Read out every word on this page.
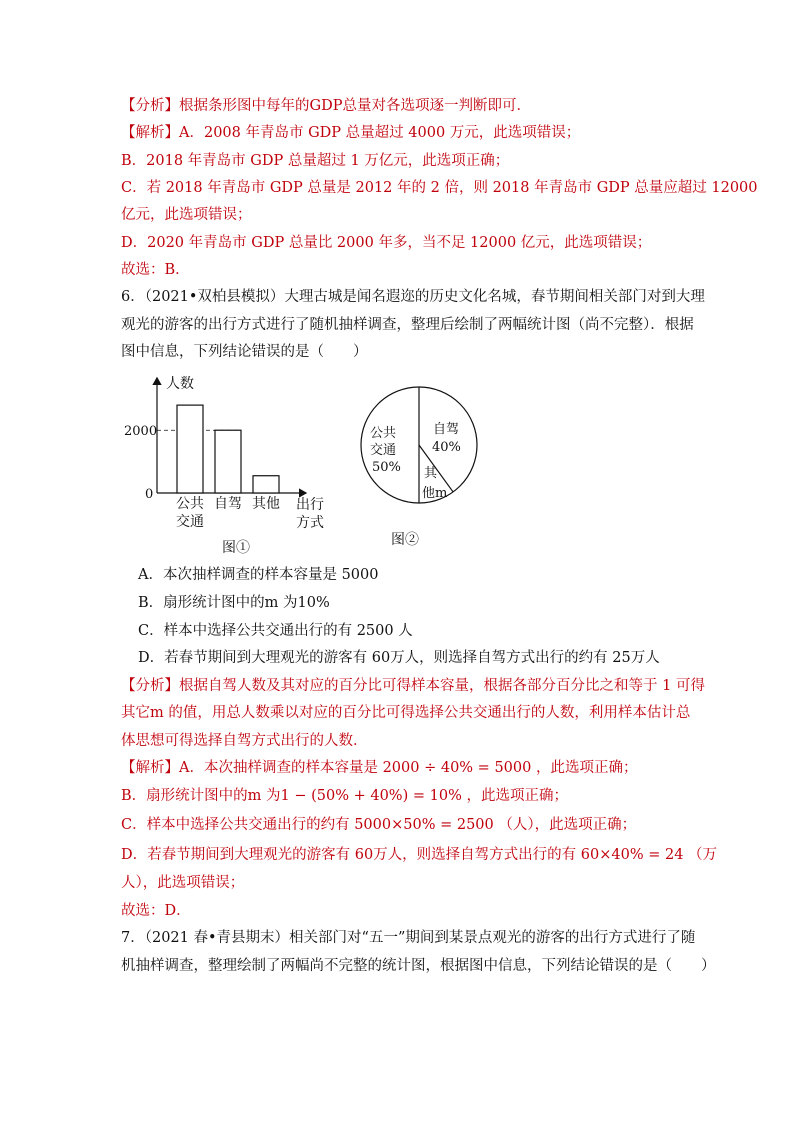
【分析】根据条形图中每年的GDP总量对各选项逐一判断即可．
【解析】A．2008 年青岛市 GDP 总量超过 4000 万元，此选项错误；
B．2018 年青岛市 GDP 总量超过 1 万亿元，此选项正确；
C．若 2018 年青岛市 GDP 总量是 2012 年的 2 倍，则 2018 年青岛市 GDP 总量应超过 12000
亿元，此选项错误；
D．2020 年青岛市 GDP 总量比 2000 年多，当不足 12000 亿元，此选项错误；
故选：B．
6．（2021•双柏县模拟）大理古城是闻名遐迩的历史文化名城，春节期间相关部门对到大理
观光的游客的出行方式进行了随机抽样调查，整理后绘制了两幅统计图（尚不完整）．根据
图中信息，下列结论错误的是（　　）
人数
出行
方式
0
2000
公共
交通
自驾 其他
图①
公共
交通
50%
自驾
40%
其
他m
图②
A．本次抽样调查的样本容量是 5000
B．扇形统计图中的m 为10%
C．样本中选择公共交通出行的有 2500 人
D．若春节期间到大理观光的游客有 60万人，则选择自驾方式出行的约有 25万人
【分析】根据自驾人数及其对应的百分比可得样本容量，根据各部分百分比之和等于 1 可得
其它m 的值，用总人数乘以对应的百分比可得选择公共交通出行的人数，利用样本估计总
体思想可得选择自驾方式出行的人数．
【解析】A．本次抽样调查的样本容量是 2000 ÷ 40% = 5000 ，此选项正确；
B．扇形统计图中的m 为1 − (50% + 40%) = 10% ，此选项正确；
C．样本中选择公共交通出行的约有 5000×50% = 2500 （人），此选项正确；
D．若春节期间到大理观光的游客有 60万人，则选择自驾方式出行的有 60×40% = 24 （万
人），此选项错误；
故选：D．
7．（2021 春•青县期末）相关部门对“五一”期间到某景点观光的游客的出行方式进行了随
机抽样调查，整理绘制了两幅尚不完整的统计图，根据图中信息，下列结论错误的是（　　）
